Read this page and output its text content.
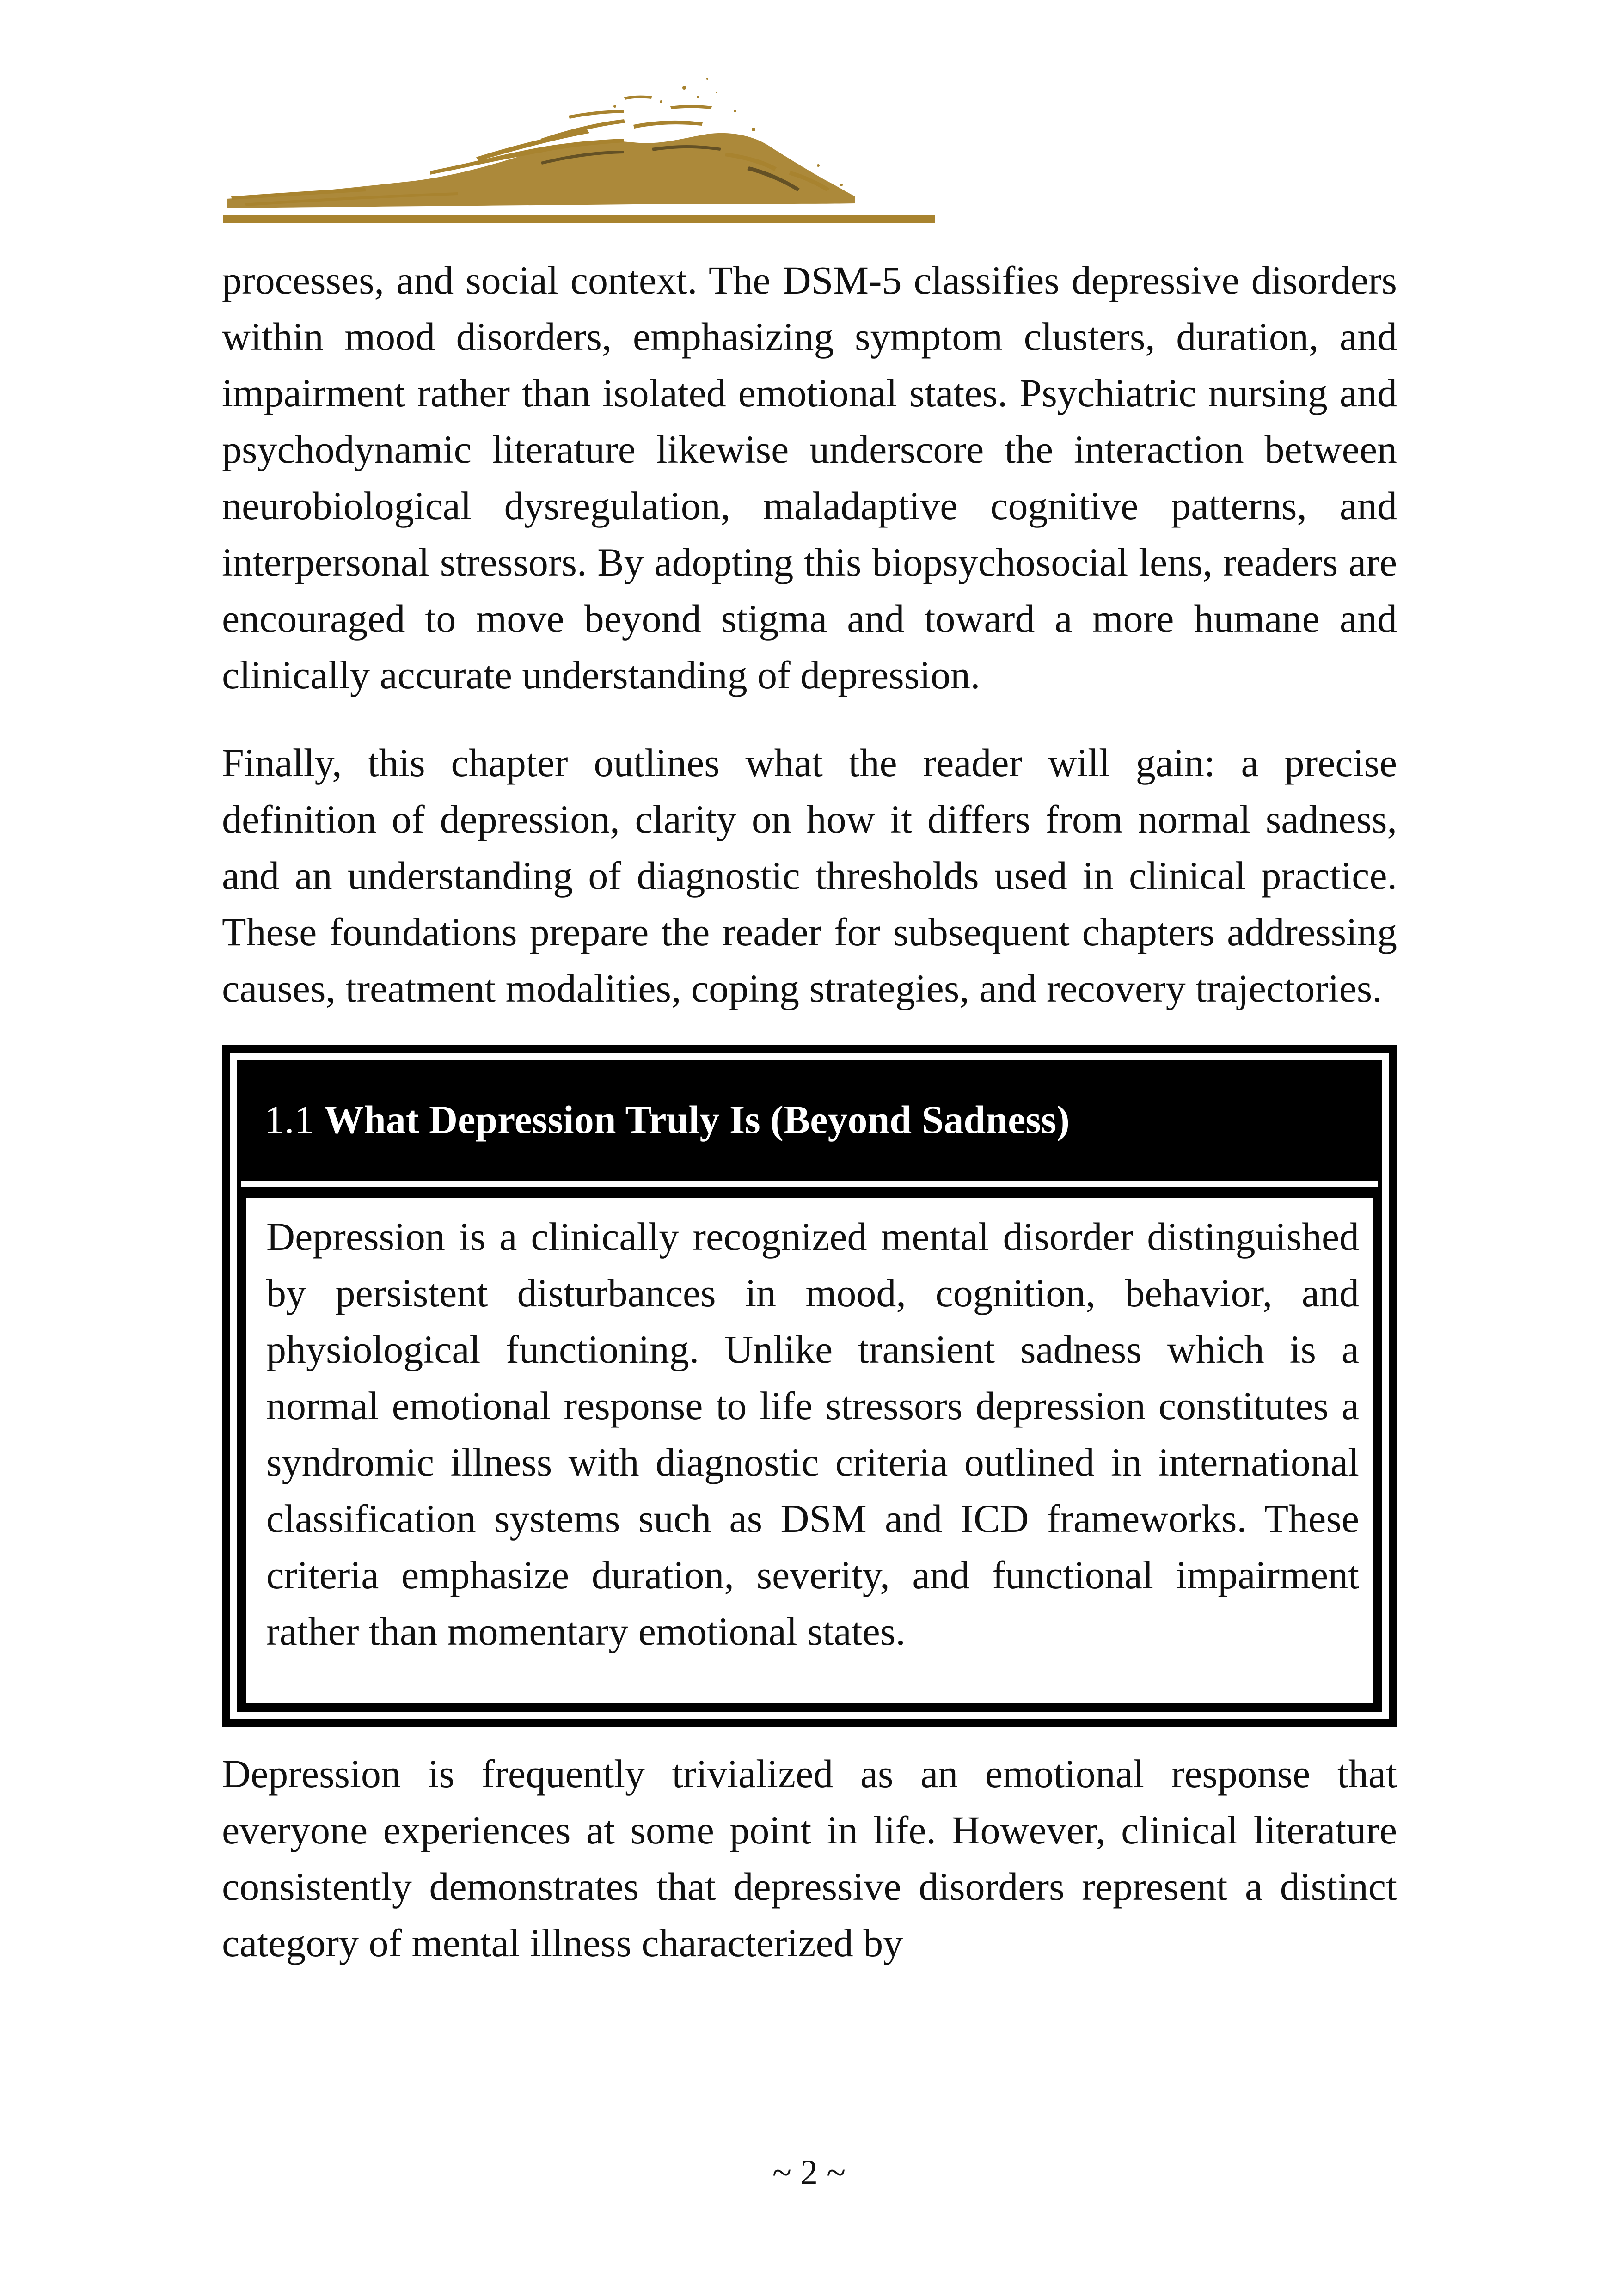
processes, and social context. The DSM-5 classifies depressive disorders within mood disorders, emphasizing symptom clusters, duration, and impairment rather than isolated emotional states. Psychiatric nursing and psychodynamic literature likewise underscore the interaction between neurobiological dysregulation, maladaptive cognitive patterns, and interpersonal stressors. By adopting this biopsychosocial lens, readers are encouraged to move beyond stigma and toward a more humane and clinically accurate understanding of depression.

Finally, this chapter outlines what the reader will gain: a precise definition of depression, clarity on how it differs from normal sadness, and an understanding of diagnostic thresholds used in clinical practice. These foundations prepare the reader for subsequent chapters addressing causes, treatment modalities, coping strategies, and recovery trajectories.

1.1 What Depression Truly Is (Beyond Sadness)
Depression is a clinically recognized mental disorder distinguished by persistent disturbances in mood, cognition, behavior, and physiological functioning. Unlike transient sadness which is a normal emotional response to life stressors depression constitutes a syndromic illness with diagnostic criteria outlined in international classification systems such as DSM and ICD frameworks. These criteria emphasize duration, severity, and functional impairment rather than momentary emotional states.

Depression is frequently trivialized as an emotional response that everyone experiences at some point in life. However, clinical literature consistently demonstrates that depressive disorders represent a distinct category of mental illness characterized by

~ 2 ~
